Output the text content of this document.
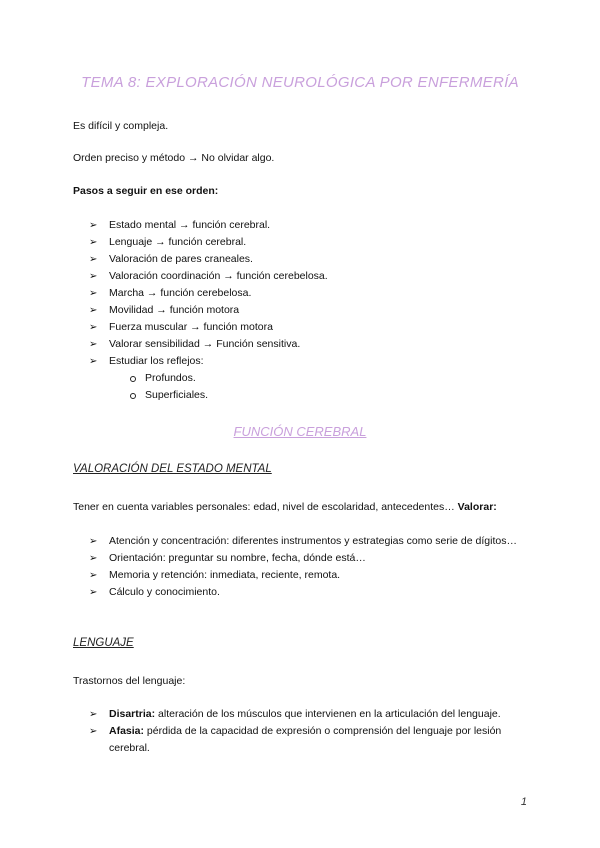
TEMA 8: EXPLORACIÓN NEUROLÓGICA POR ENFERMERÍA

Es difícil y compleja.

Orden preciso y método → No olvidar algo.

Pasos a seguir en ese orden:

➢ Estado mental → función cerebral.
➢ Lenguaje → función cerebral.
➢ Valoración de pares craneales.
➢ Valoración coordinación → función cerebelosa.
➢ Marcha → función cerebelosa.
➢ Movilidad → función motora
➢ Fuerza muscular → función motora
➢ Valorar sensibilidad → Función sensitiva.
➢ Estudiar los reflejos:
Profundos.
Superficiales.
FUNCIÓN CEREBRAL
VALORACIÓN DEL ESTADO MENTAL

Tener en cuenta variables personales: edad, nivel de escolaridad, antecedentes… Valorar:

➢ Atención y concentración: diferentes instrumentos y estrategias como serie de dígitos…
➢ Orientación: preguntar su nombre, fecha, dónde está…
➢ Memoria y retención: inmediata, reciente, remota.
➢ Cálculo y conocimiento.
LENGUAJE

Trastornos del lenguaje:

➢ Disartria: alteración de los músculos que intervienen en la articulación del lenguaje.
➢ Afasia: pérdida de la capacidad de expresión o comprensión del lenguaje por lesión cerebral.
1
